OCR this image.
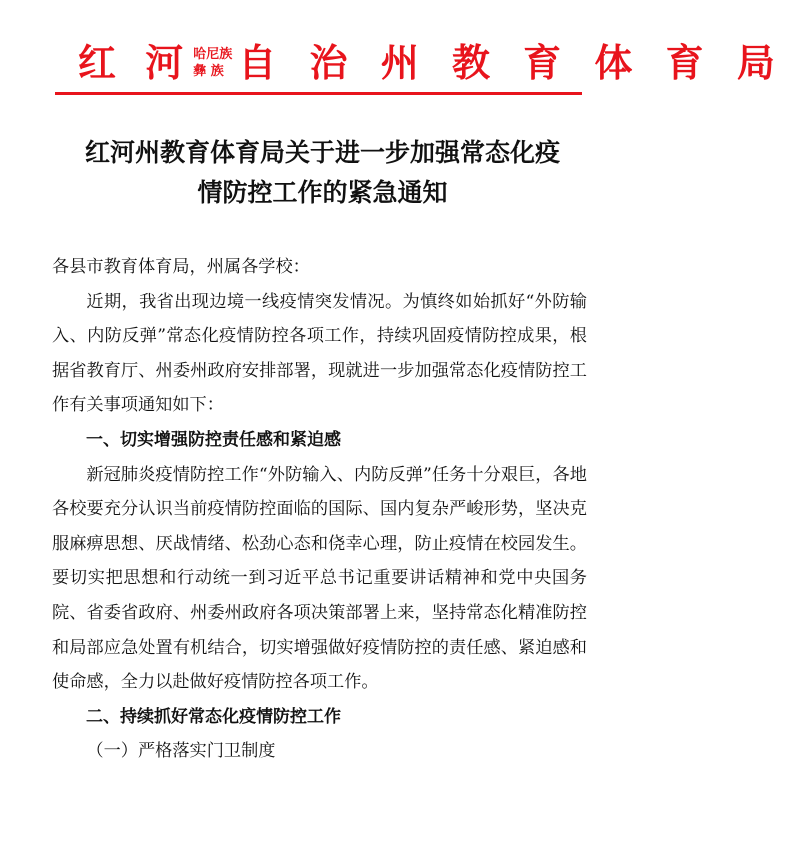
红 河 哈尼族
彝 族 自 治 州 教 育 体 育 局
红河州教育体育局关于进一步加强常态化疫
情防控工作的紧急通知

各县市教育体育局，州属各学校：

近期，我省出现边境一线疫情突发情况。为慎终如始抓好“外防输入、内防反弹”常态化疫情防控各项工作，持续巩固疫情防控成果，根据省教育厅、州委州政府安排部署，现就进一步加强常态化疫情防控工作有关事项通知如下：

一、切实增强防控责任感和紧迫感

新冠肺炎疫情防控工作“外防输入、内防反弹”任务十分艰巨，各地各校要充分认识当前疫情防控面临的国际、国内复杂严峻形势，坚决克服麻痹思想、厌战情绪、松劲心态和侥幸心理，防止疫情在校园发生。要切实把思想和行动统一到习近平总书记重要讲话精神和党中央国务院、省委省政府、州委州政府各项决策部署上来，坚持常态化精准防控和局部应急处置有机结合，切实增强做好疫情防控的责任感、紧迫感和使命感，全力以赴做好疫情防控各项工作。

二、持续抓好常态化疫情防控工作

（一）严格落实门卫制度
